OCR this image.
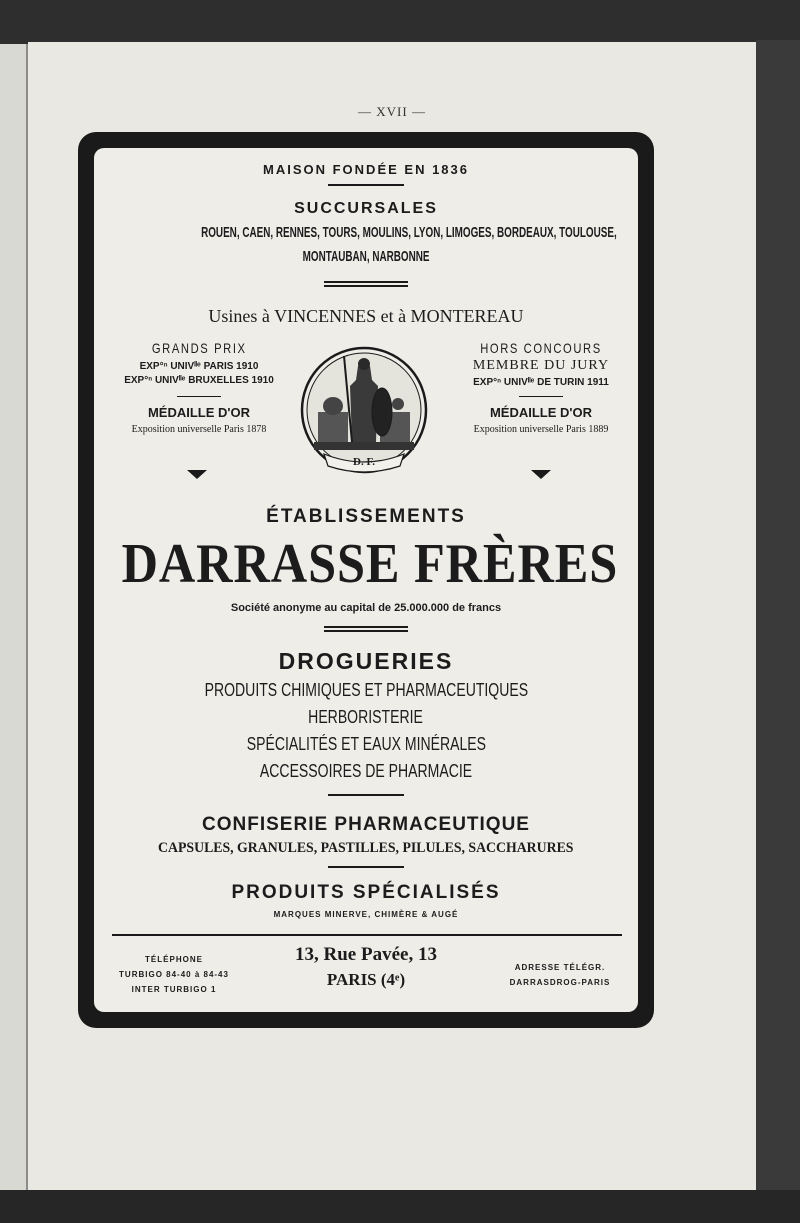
— XVII —
MAISON FONDÉE EN 1836
SUCCURSALES
ROUEN, CAEN, RENNES, TOURS, MOULINS, LYON, LIMOGES, BORDEAUX, TOULOUSE,
MONTAUBAN, NARBONNE
Usines à VINCENNES et à MONTEREAU
GRANDS PRIX
EXP°ⁿ UNIVˡˡᵉ PARIS 1910
EXP°ⁿ UNIVˡˡᵉ BRUXELLES 1910
MÉDAILLE D'OR
Exposition universelle Paris 1878
D. F.
HORS CONCOURS
MEMBRE DU JURY
EXP°ⁿ UNIVˡˡᵉ DE TURIN 1911
MÉDAILLE D'OR
Exposition universelle Paris 1889
ÉTABLISSEMENTS
DARRASSE FRÈRES
Société anonyme au capital de 25.000.000 de francs
DROGUERIES
PRODUITS CHIMIQUES ET PHARMACEUTIQUES
HERBORISTERIE
SPÉCIALITÉS ET EAUX MINÉRALES
ACCESSOIRES DE PHARMACIE
CONFISERIE PHARMACEUTIQUE
CAPSULES, GRANULES, PASTILLES, PILULES, SACCHARURES
PRODUITS SPÉCIALISÉS
MARQUES MINERVE, CHIMÈRE & AUGÉ
TÉLÉPHONE
TURBIGO 84-40 à 84-43
INTER TURBIGO 1
13, Rue Pavée, 13
PARIS (4ᵉ)
ADRESSE TÉLÉGR.
DARRASDROG-PARIS
